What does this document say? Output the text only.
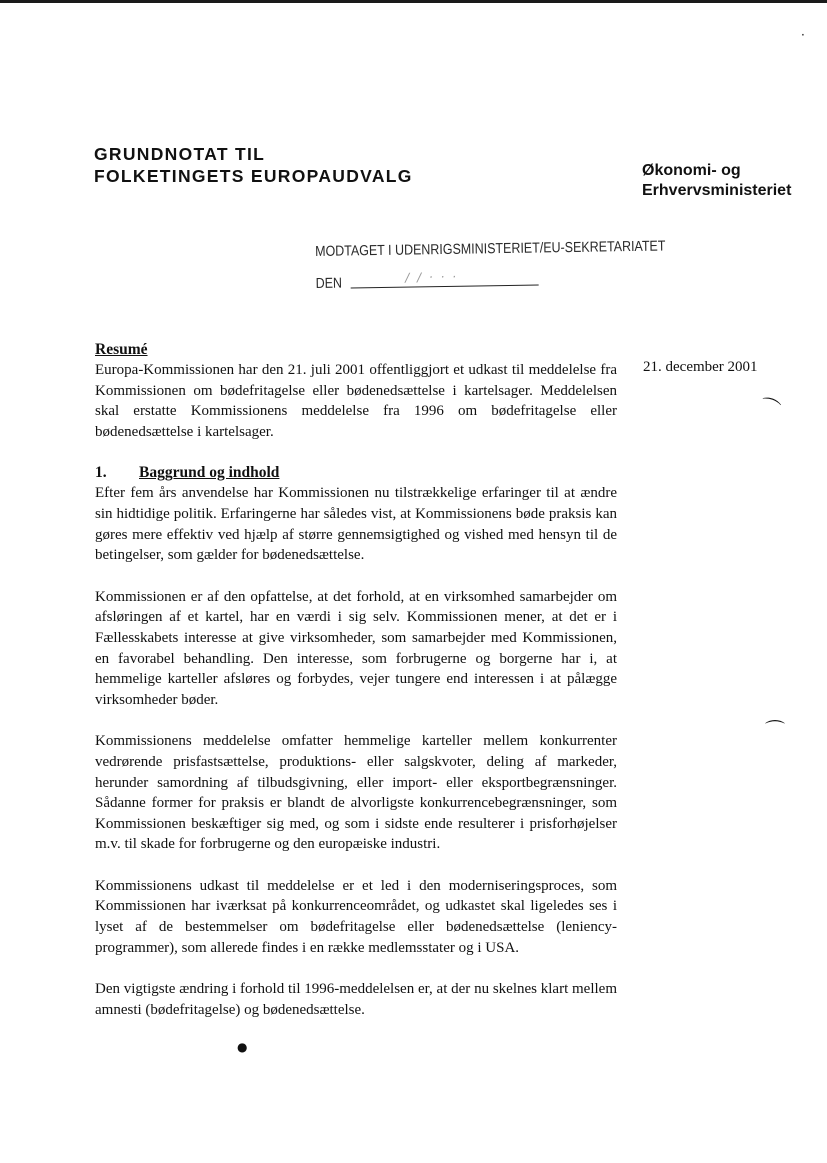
GRUNDNOTAT TIL
FOLKETINGETS EUROPAUDVALG	Økonomi- og
Erhvervsministeriet
MODTAGET I UDENRIGSMINISTERIET/EU-SEKRETARIATET
DEN	/ / · · ·
21. december 2001
Resumé

Europa-Kommissionen har den 21. juli 2001 offentliggjort et udkast til meddelelse fra Kommissionen om bødefritagelse eller bødenedsættelse i kartelsager. Meddelelsen skal erstatte Kommissionens meddelelse fra 1996 om bødefritagelse eller bødenedsættelse i kartelsager.

1. Baggrund og indhold

Efter fem års anvendelse har Kommissionen nu tilstrækkelige erfaringer til at ændre sin hidtidige politik. Erfaringerne har således vist, at Kommissionens bøde praksis kan gøres mere effektiv ved hjælp af større gennemsigtighed og vished med hensyn til de betingelser, som gælder for bødenedsættelse.

Kommissionen er af den opfattelse, at det forhold, at en virksomhed samarbejder om afsløringen af et kartel, har en værdi i sig selv. Kommissionen mener, at det er i Fællesskabets interesse at give virksomheder, som samarbejder med Kommissionen, en favorabel behandling. Den interesse, som forbrugerne og borgerne har i, at hemmelige karteller afsløres og forbydes, vejer tungere end interessen i at pålægge virksomheder bøder.

Kommissionens meddelelse omfatter hemmelige karteller mellem konkurrenter vedrørende prisfastsættelse, produktions- eller salgskvoter, deling af markeder, herunder samordning af tilbudsgivning, eller import- eller eksportbegrænsninger. Sådanne former for praksis er blandt de alvorligste konkurrencebegrænsninger, som Kommissionen beskæftiger sig med, og som i sidste ende resulterer i prisforhøjelser m.v. til skade for forbrugerne og den europæiske industri.

Kommissionens udkast til meddelelse er et led i den moderniseringsproces, som Kommissionen har iværksat på konkurrenceområdet, og udkastet skal ligeledes ses i lyset af de bestemmelser om bødefritagelse eller bødenedsættelse (leniency-programmer), som allerede findes i en række medlemsstater og i USA.

Den vigtigste ændring i forhold til 1996-meddelelsen er, at der nu skelnes klart mellem amnesti (bødefritagelse) og bødenedsættelse.

·
⌒
⌒
●
